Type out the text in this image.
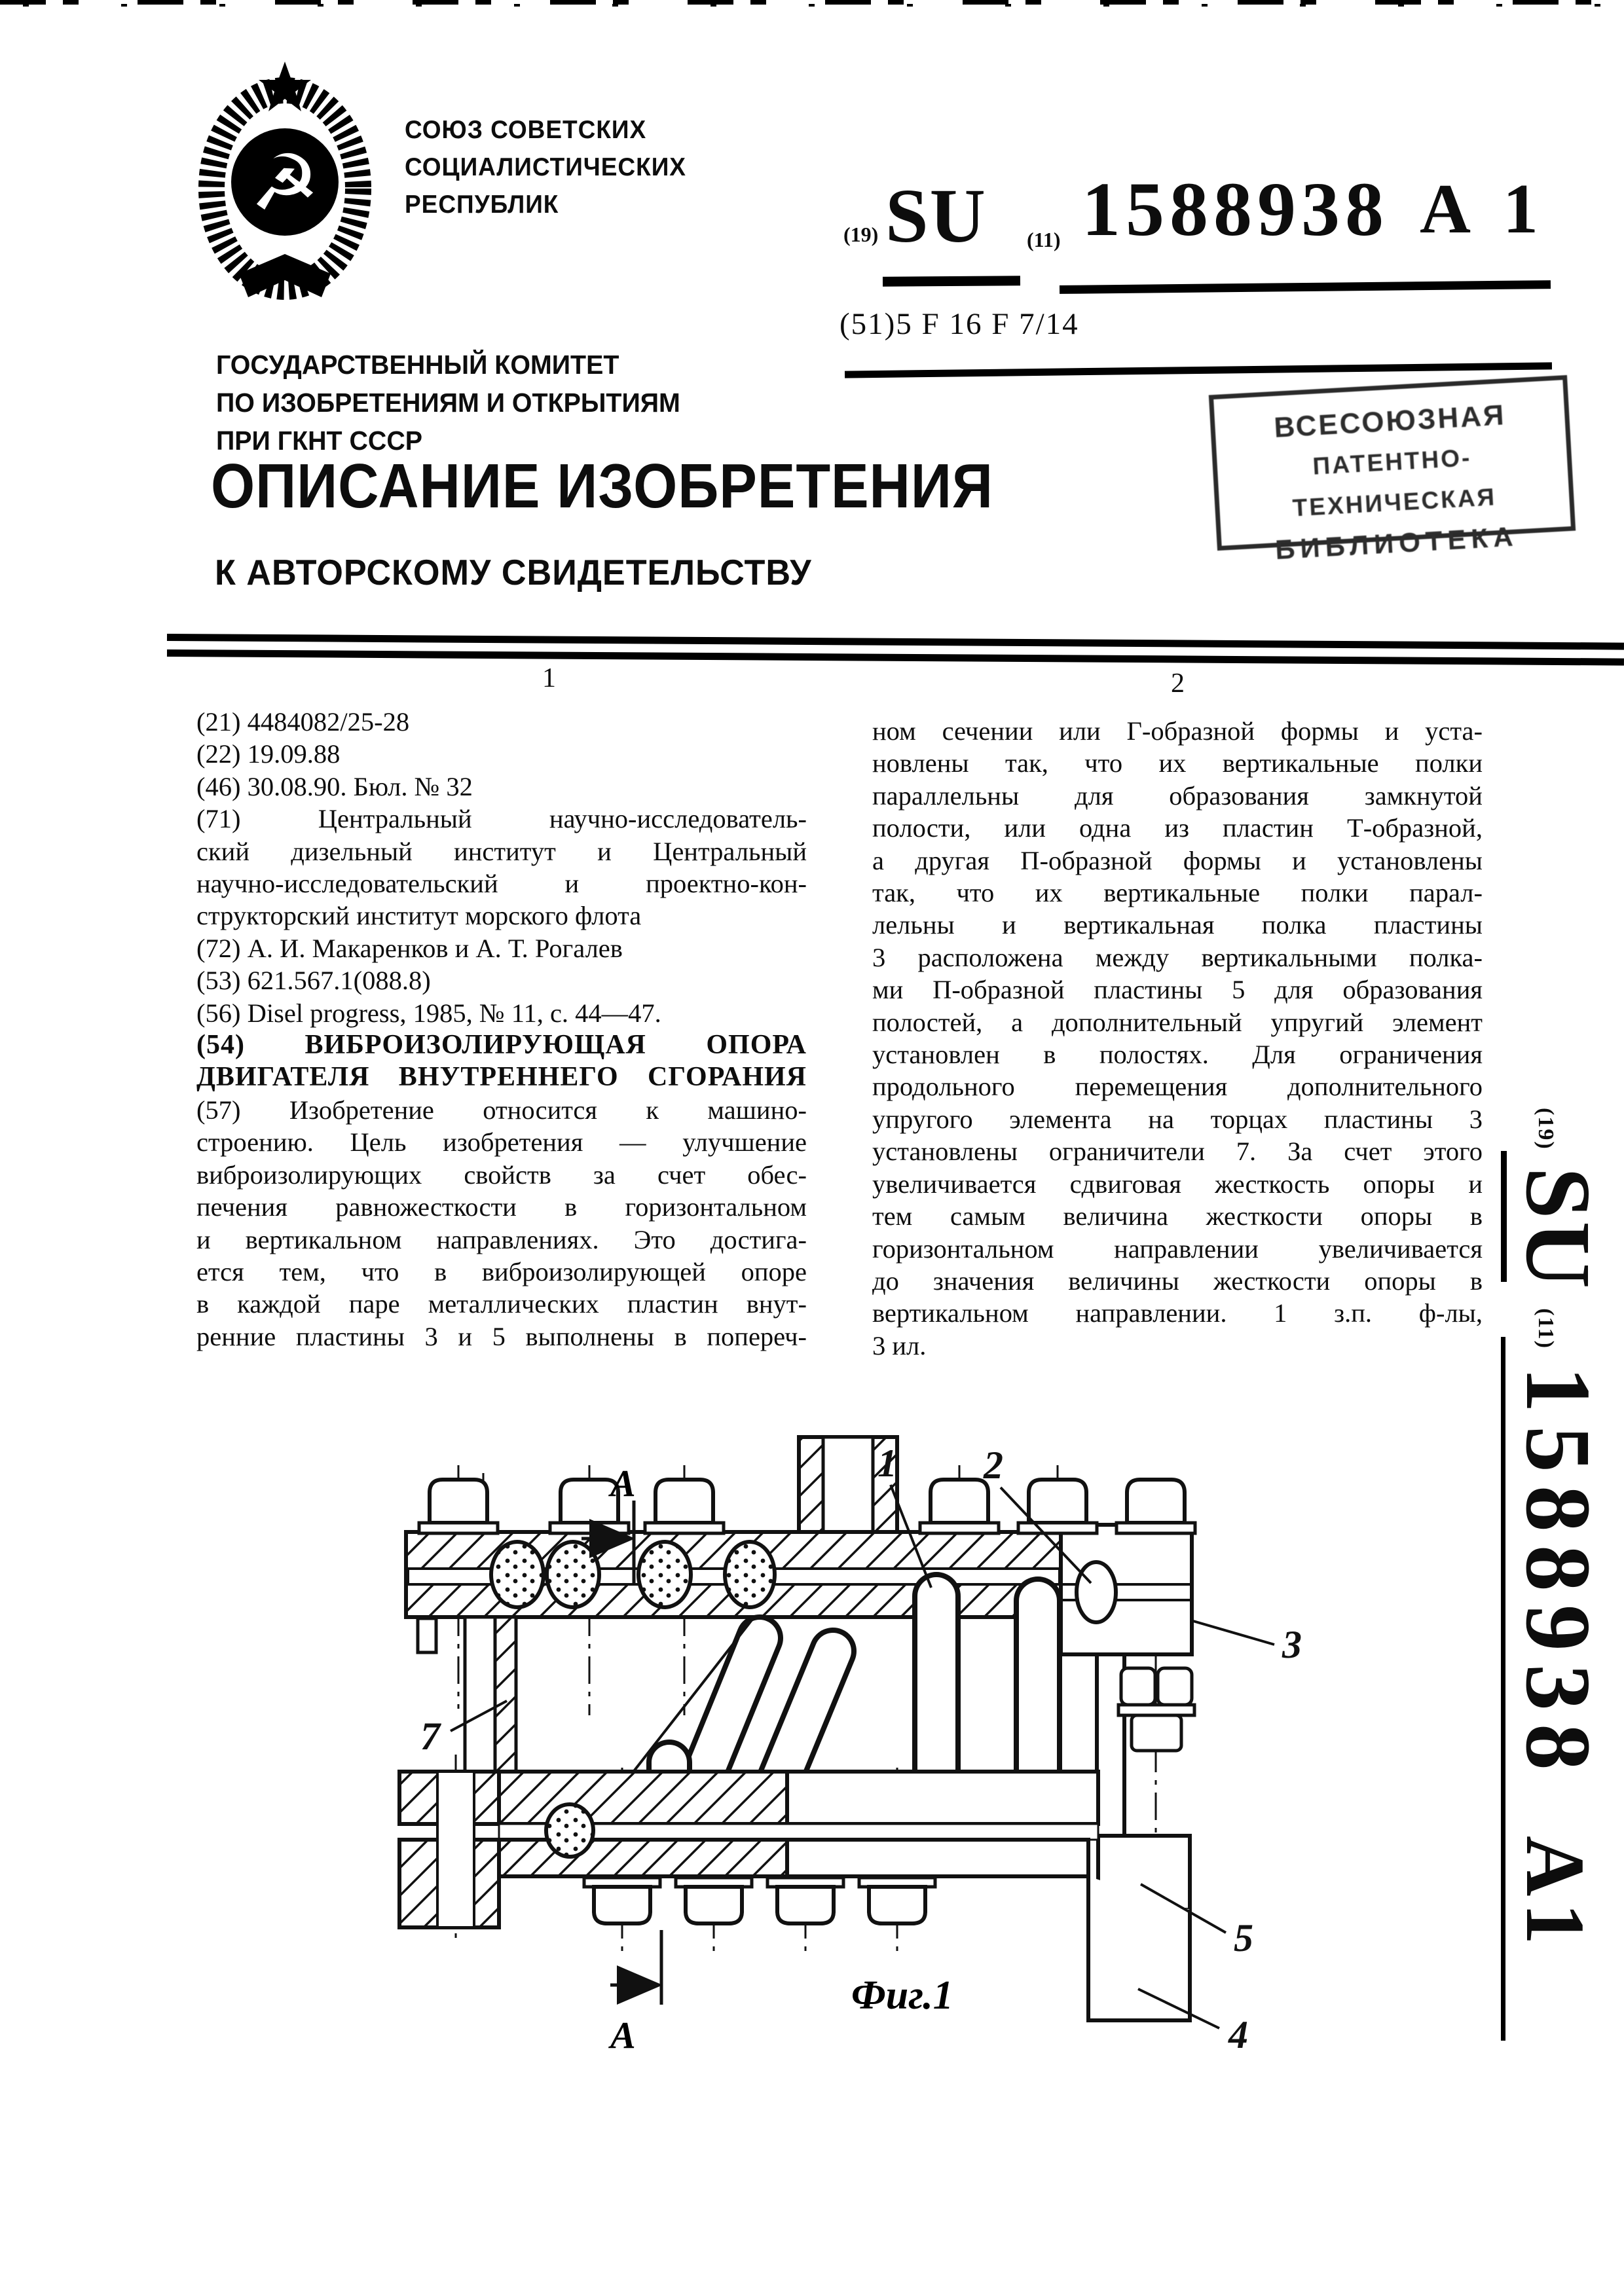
☭
СОЮЗ СОВЕТСКИХ
СОЦИАЛИСТИЧЕСКИХ
РЕСПУБЛИК
(19) SU (11) 1588938 A 1
(51)5 F 16 F 7/14
ГОСУДАРСТВЕННЫЙ КОМИТЕТ
ПО ИЗОБРЕТЕНИЯМ И ОТКРЫТИЯМ
ПРИ ГКНТ СССР	ВСЕСОЮЗНАЯ
ПАТЕНТНО-ТЕХНИЧЕСКАЯ
БИБЛИОТЕКА
ОПИСАНИЕ ИЗОБРЕТЕНИЯ
К АВТОРСКОМУ СВИДЕТЕЛЬСТВУ
1	2
(21) 4484082/25-28
(22) 19.09.88
(46) 30.08.90. Бюл. № 32
(71) Центральный научно-исследователь-
ский дизельный институт и Центральный
научно-исследовательский и проектно-кон-
структорский институт морского флота
(72) А. И. Макаренков и А. Т. Рогалев
(53) 621.567.1(088.8)
(56) Disel progress, 1985, № 11, с. 44—47.
(54) ВИБРОИЗОЛИРУЮЩАЯ ОПОРА
ДВИГАТЕЛЯ ВНУТРЕННЕГО СГОРАНИЯ
(57) Изобретение относится к машино-
строению. Цель изобретения — улучшение
виброизолирующих свойств за счет обес-
печения равножесткости в горизонтальном
и вертикальном направлениях. Это достига-
ется тем, что в виброизолирующей опоре
в каждой паре металлических пластин внут-
ренние пластины 3 и 5 выполнены в попереч-
ном сечении или Г-образной формы и уста-
новлены так, что их вертикальные полки
параллельны для образования замкнутой
полости, или одна из пластин Т-образной,
а другая П-образной формы и установлены
так, что их вертикальные полки парал-
лельны и вертикальная полка пластины
3 расположена между вертикальными полка-
ми П-образной пластины 5 для образования
полостей, а дополнительный упругий элемент
установлен в полостях. Для ограничения
продольного перемещения дополнительного
упругого элемента на торцах пластины 3
установлены ограничители 7. За счет этого
увеличивается сдвиговая жесткость опоры и
тем самым величина жесткости опоры в
горизонтальном направлении увеличивается
до значения величины жесткости опоры в
вертикальном направлении. 1 з.п. ф-лы,
3 ил.
A
A
1 2
3
5
4
7
Фиг.1
(19)SU(11)1588938A1
